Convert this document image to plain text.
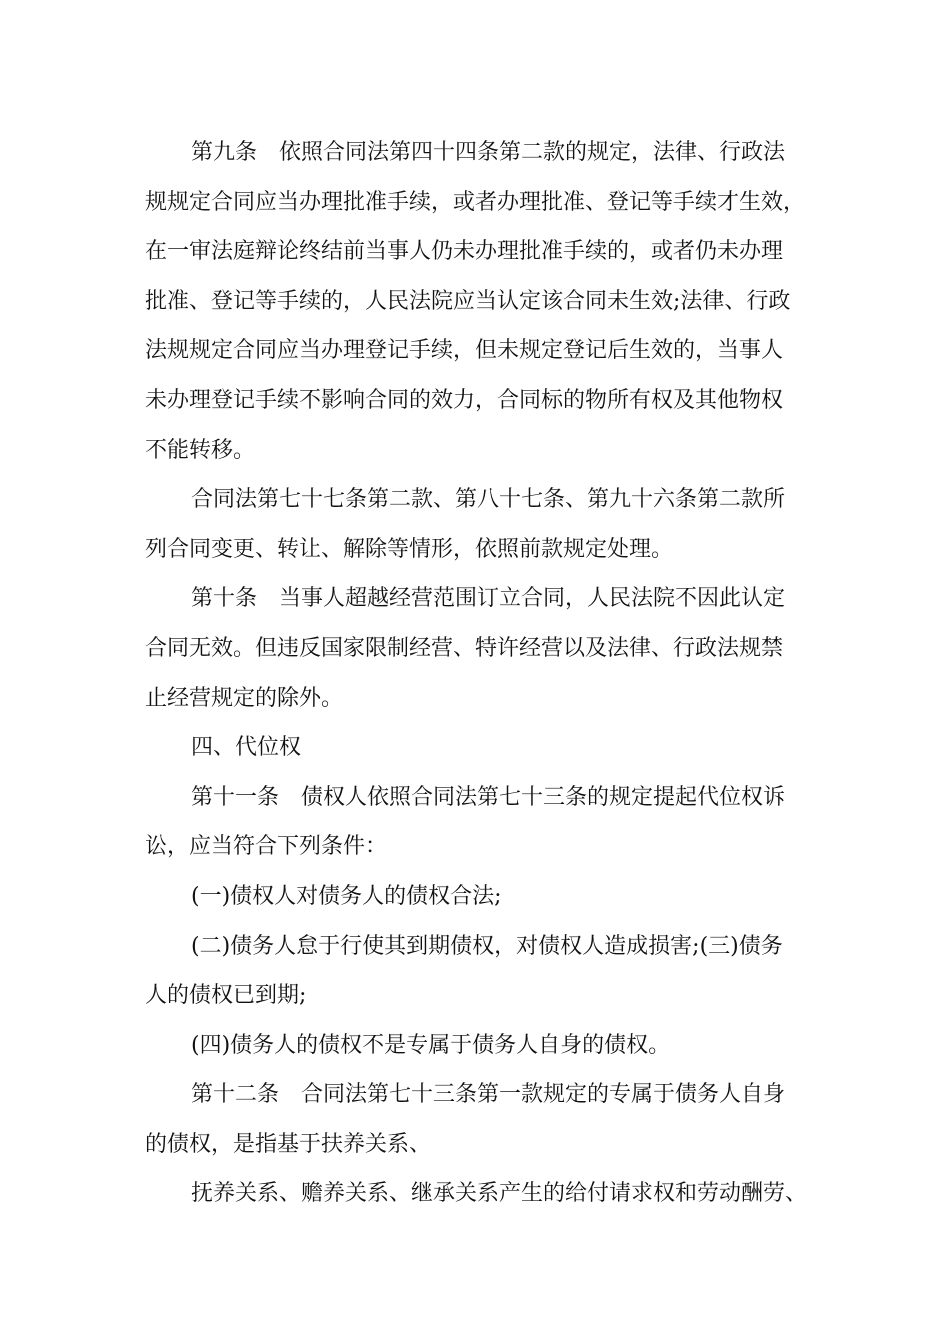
第九条　依照合同法第四十四条第二款的规定，法律、行政法
规规定合同应当办理批准手续，或者办理批准、登记等手续才生效，
在一审法庭辩论终结前当事人仍未办理批准手续的，或者仍未办理
批准、登记等手续的，人民法院应当认定该合同未生效;法律、行政
法规规定合同应当办理登记手续，但未规定登记后生效的，当事人
未办理登记手续不影响合同的效力，合同标的物所有权及其他物权
不能转移。
合同法第七十七条第二款、第八十七条、第九十六条第二款所
列合同变更、转让、解除等情形，依照前款规定处理。
第十条　当事人超越经营范围订立合同，人民法院不因此认定
合同无效。但违反国家限制经营、特许经营以及法律、行政法规禁
止经营规定的除外。
四、代位权
第十一条　债权人依照合同法第七十三条的规定提起代位权诉
讼，应当符合下列条件：
(一)债权人对债务人的债权合法;
(二)债务人怠于行使其到期债权，对债权人造成损害;(三)债务
人的债权已到期;
(四)债务人的债权不是专属于债务人自身的债权。
第十二条　合同法第七十三条第一款规定的专属于债务人自身
的债权，是指基于扶养关系、
抚养关系、赡养关系、继承关系产生的给付请求权和劳动酬劳、
